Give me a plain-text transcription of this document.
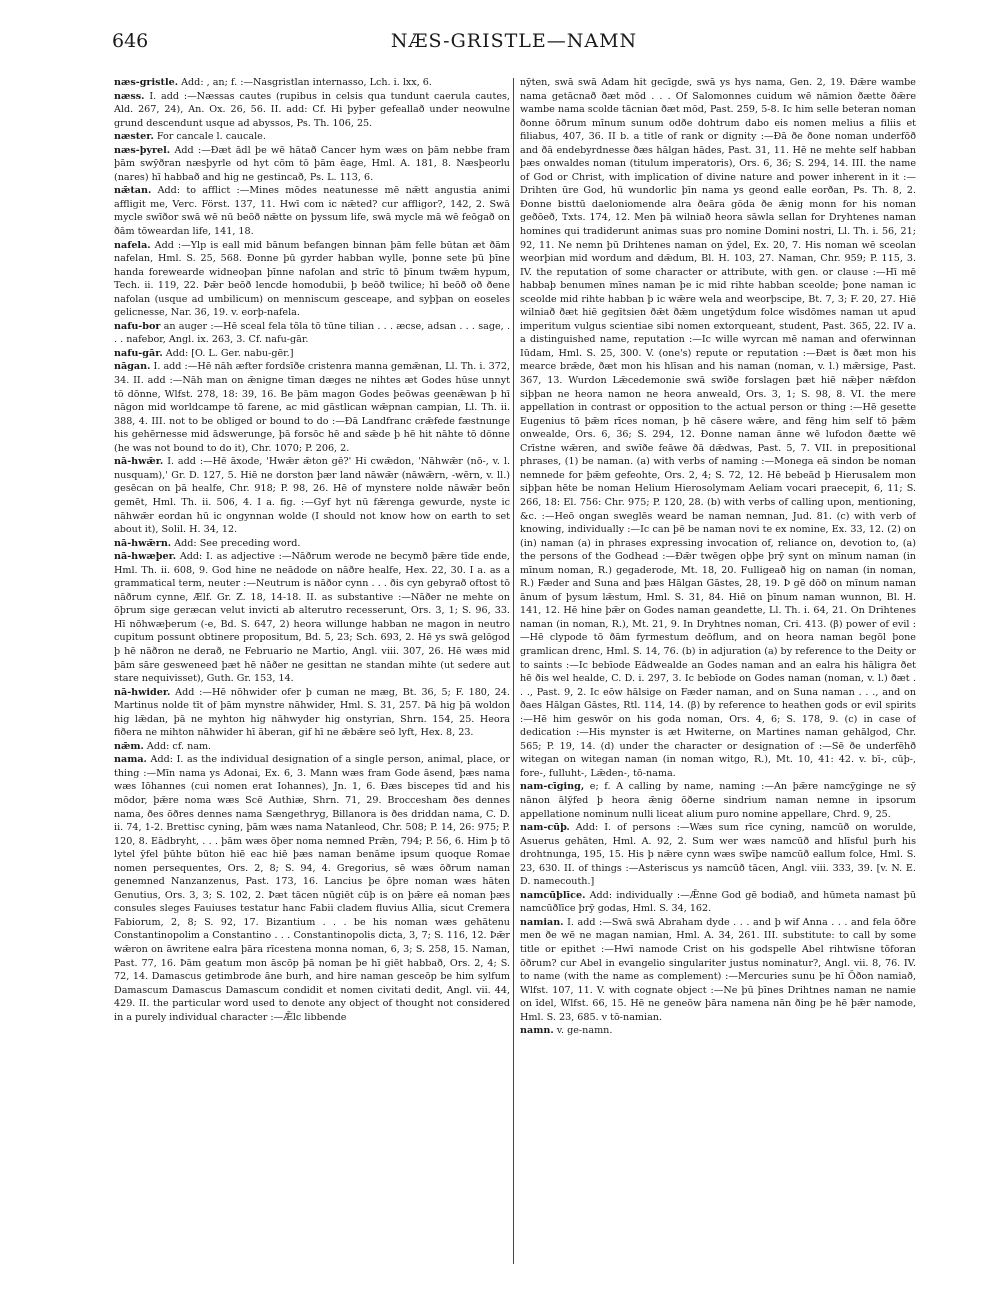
646	NÆS-GRISTLE—NAMN

næs-gristle. Add: , an; f. :—Nasgristlan internasso, Lch. i. lxx, 6.

næss. I. add :—Næssas cautes (rupibus in celsis qua tundunt caerula cautes, Ald. 267, 24), An. Ox. 26, 56. II. add: Cf. Hi þyþer gefeallað under neowulne grund descendunt usque ad abyssos, Ps. Th. 106, 25.

næster. For cancale l. caucale.

næs-þyrel. Add :—Ðæt ādl þe wē hātað Cancer hym wæs on þām nebbe fram þām swȳðran næsþyrle od hyt cōm tō þām ēage, Hml. A. 181, 8. Næsþeorlu (nares) hī habbað and hig ne gestincað, Ps. L. 113, 6.

nǣtan. Add: to afflict :—Mines mōdes neatunesse mē nǣtt angustia animi affligit me, Verc. Först. 137, 11. Hwī com ic nǣted? cur affligor?, 142, 2. Swā mycle swīðor swā wē nū beōð nǣtte on þyssum life, swā mycle mā wē feōgað on ðām tōweardan life, 141, 18.

nafela. Add :—Ylp is eall mid bānum befangen binnan þām felle būtan æt ðām nafelan, Hml. S. 25, 568. Ðonne þū gyrder habban wylle, þonne sete þū þīne handa forewearde widneoþan þīnne nafolan and strīc tō þīnum twǣm hypum, Tech. ii. 119, 22. Þǣr beōð lencde homodubii, þ beōð twilice; hī beōð oð ðene nafolan (usque ad umbilicum) on menniscum gesceape, and syþþan on eoseles gelicnesse, Nar. 36, 19. v. eorþ-nafela.

nafu-bor an auger :—Hē sceal fela tōla tō tūne tilian . . . æcse, adsan . . . sage, . . . nafebor, Angl. ix. 263, 3. Cf. nafu-gār.

nafu-gār. Add: [O. L. Ger. nabu-gēr.]

nāgan. I. add :—Hē nāh æfter fordsīðe cristenra manna gemǣnan, Ll. Th. i. 372, 34. II. add :—Nāh man on ǣnigne tīman dæges ne nihtes æt Godes hūse unnyt tō dōnne, Wlfst. 278, 18: 39, 16. Be þām magon Godes þeōwas geenǣwan þ hī nāgon mid worldcampe tō farene, ac mid gāstlican wǣpnan campian, Ll. Th. ii. 388, 4. III. not to be obliged or bound to do :—Ðā Landfranc crǣfede fæstnunge his gehērnesse mid ādswerunge, þā forsōc hē and sǣde þ hē hit nāhte tō dōnne (he was not bound to do it), Chr. 1070; P. 206, 2.

nā-hwǣr. I. add :—Hē āxode, 'Hwǣr ǣton gē?' Hi cwǣdon, 'Nāhwǣr (nō-, v. l. nusquam),' Gr. D. 127, 5. Hiē ne dorston þær land nāwǣr (nāwǣrn, -wērn, v. ll.) gesēcan on þā healfe, Chr. 918; P. 98, 26. Hē of mynstere nolde nāwǣr beōn gemēt, Hml. Th. ii. 506, 4. I a. fig. :—Gyf hyt nū fǣrenga gewurde, nyste ic nāhwǣr eordan hū ic ongynnan wolde (I should not know how on earth to set about it), Solil. H. 34, 12.

nā-hwǣrn. Add: See preceding word.

nā-hwæþer. Add: I. as adjective :—Nāðrum werode ne becymð þǣre tīde ende, Hml. Th. ii. 608, 9. God hine ne neādode on nāðre healfe, Hex. 22, 30. I a. as a grammatical term, neuter :—Neutrum is nāðor cynn . . . ðis cyn gebyrað oftost tō nāðrum cynne, Ælf. Gr. Z. 18, 14-18. II. as substantive :—Nāðer ne mehte on ōþrum sige geræcan velut invicti ab alterutro recesserunt, Ors. 3, 1; S. 96, 33. Hī nōhwæþerum (-e, Bd. S. 647, 2) heora willunge habban ne magon in neutro cupitum possunt obtinere propositum, Bd. 5, 23; Sch. 693, 2. Hē ys swā gelōgod þ hē nāðron ne derað, ne Februario ne Martio, Angl. viii. 307, 26. Hē wæs mid þām sāre gesweneed þæt hē nāðer ne gesittan ne standan mihte (ut sedere aut stare nequivisset), Guth. Gr. 153, 14.

nā-hwider. Add :—Hē nōhwider ofer þ cuman ne mæg, Bt. 36, 5; F. 180, 24. Martinus nolde tīt of þām mynstre nāhwider, Hml. S. 31, 257. Þā hig þā woldon hig lǣdan, þā ne myhton hig nāhwyder hig onstyrian, Shrn. 154, 25. Heora fiðera ne mihton nāhwider hī āberan, gif hī ne ǣbǣre seō lyft, Hex. 8, 23.

nǣm. Add: cf. nam.

nama. Add: I. as the individual designation of a single person, animal, place, or thing :—Mīn nama ys Adonai, Ex. 6, 3. Mann wæs fram Gode āsend, þæs nama wæs Iōhannes (cui nomen erat Iohannes), Jn. 1, 6. Ðæs biscepes tīd and his mōdor, þǣre noma wæs Scē Authiæ, Shrn. 71, 29. Broccesham ðes dennes nama, ðes ōðres dennes nama Sængethryg, Billanora is ðes driddan nama, C. D. ii. 74, 1-2. Brettisc cyning, þām wæs nama Natanleod, Chr. 508; P. 14, 26: 975; P. 120, 8. Eādbryht, . . . þām wæs ōþer noma nemned Prǣn, 794; P. 56, 6. Him þ tō lytel ȳfel þūhte būton hiē eac hiē þæs naman benāme ipsum quoque Romae nomen persequentes, Ors. 2, 8; S. 94, 4. Gregorius, sē wæs ōðrum naman genemned Nanzanzenus, Past. 173, 16. Lancius þe ōþre noman wæs hāten Genutius, Ors. 3, 3; S. 102, 2. Þæt tācen nūgiēt cūþ is on þǣre eā noman þæs consules sleges Fauiuses testatur hanc Fabii cladem fluvius Allia, sicut Cremera Fabiorum, 2, 8; S. 92, 17. Bizantium . . . be his noman wæs gehātenu Constantinopolim a Constantino . . . Constantinopolis dicta, 3, 7; S. 116, 12. Þǣr wǣron on āwritene ealra þāra rīcestena monna noman, 6, 3; S. 258, 15. Naman, Past. 77, 16. Þām geatum mon āscōp þā noman þe hī giēt habbað, Ors. 2, 4; S. 72, 14. Damascus getimbrode āne burh, and hire naman gesceōp be him sylfum Damascum Damascus Damascum condidit et nomen civitati dedit, Angl. vii. 44, 429. II. the particular word used to denote any object of thought not considered in a purely individual character :—Ǣlc libbende

nȳten, swā swā Adam hit gecīgde, swā ys hys nama, Gen. 2, 19. Ðǣre wambe nama getācnað ðæt mōd . . . Of Salomonnes cuidum wē nāmion ðætte ðǣre wambe nama scolde tācnian ðæt mōd, Past. 259, 5-8. Ic him selle beteran noman ðonne ōðrum mīnum sunum odðe dohtrum dabo eis nomen melius a filiis et filiabus, 407, 36. II b. a title of rank or dignity :—Ðā ðe ðone noman underfōð and ðā endebyrdnesse ðæs hālgan hādes, Past. 31, 11. Hē ne mehte self habban þæs onwaldes noman (titulum imperatoris), Ors. 6, 36; S. 294, 14. III. the name of God or Christ, with implication of divine nature and power inherent in it :—Drihten ūre God, hū wundorlic þīn nama ys geond ealle eorðan, Ps. Th. 8, 2. Ðonne bisttū daeloniomende alra ðeāra gōda ðe ǣnig monn for his noman geðōeð, Txts. 174, 12. Men þā wilniað heora sāwla sellan for Dryhtenes naman homines qui tradiderunt animas suas pro nomine Domini nostri, Ll. Th. i. 56, 21; 92, 11. Ne nemn þū Drihtenes naman on ȳdel, Ex. 20, 7. His noman wē sceolan weorþian mid wordum and dǣdum, Bl. H. 103, 27. Naman, Chr. 959; P. 115, 3. IV. the reputation of some character or attribute, with gen. or clause :—Hī mē habbaþ benumen mīnes naman þe ic mid rihte habban sceolde; þone naman ic sceolde mid rihte habban þ ic wǣre wela and weorþscipe, Bt. 7, 3; F. 20, 27. Hiē wilniað ðæt hiē gegītsien ðǣt ðǣm ungetȳdum folce wīsdōmes naman ut apud imperitum vulgus scientiae sibi nomen extorqueant, student, Past. 365, 22. IV a. a distinguished name, reputation :—Ic wille wyrcan mē naman and oferwinnan Iūdam, Hml. S. 25, 300. V. (one's) repute or reputation :—Ðæt is ðæt mon his mearce brǣde, ðæt mon his hlīsan and his naman (noman, v. l.) mǣrsige, Past. 367, 13. Wurdon Lǣcedemonie swā swīðe forslagen þæt hiē nǣþer nǣfdon siþþan ne heora namon ne heora anweald, Ors. 3, 1; S. 98, 8. VI. the mere appellation in contrast or opposition to the actual person or thing :—Hē gesette Eugenius tō þǣm rīces noman, þ hē cāsere wǣre, and fēng him self tō þǣm onwealde, Ors. 6, 36; S. 294, 12. Ðonne naman ānne wē lufodon ðætte wē Crīstne wǣren, and swīðe feāwe ðā dǣdwas, Past. 5, 7. VII. in prepositional phrases, (1) be naman. (a) with verbs of naming :—Monega eā sindon be noman nemnede for þǣm gefeohte, Ors. 2, 4; S. 72, 12. Hē bebeād þ Hierusalem mon siþþan hēte be noman Helium Hierosolymam Aeliam vocari praecepit, 6, 11; S. 266, 18: El. 756: Chr. 975; P. 120, 28. (b) with verbs of calling upon, mentioning, &c. :—Heō ongan sweglēs weard be naman nemnan, Jud. 81. (c) with verb of knowing, individually :—Ic can þē be naman novi te ex nomine, Ex. 33, 12. (2) on (in) naman (a) in phrases expressing invocation of, reliance on, devotion to, (a) the persons of the Godhead :—Ðǣr twēgen oþþe þrȳ synt on mīnum naman (in mīnum noman, R.) gegaderode, Mt. 18, 20. Fulligeað hig on naman (in noman, R.) Fæder and Suna and þæs Hālgan Gāstes, 28, 19. Þ gē dōð on mīnum naman ānum of þysum lǣstum, Hml. S. 31, 84. Hiē on þīnum naman wunnon, Bl. H. 141, 12. Hē hine þǣr on Godes naman geandette, Ll. Th. i. 64, 21. On Drihtenes naman (in noman, R.), Mt. 21, 9. In Dryhtnes noman, Cri. 413. (β) power of evil :—Hē clypode tō ðām fyrmestum deōflum, and on heora naman begōl þone gramlican drenc, Hml. S. 14, 76. (b) in adjuration (a) by reference to the Deity or to saints :—Ic bebīode Eādwealde an Godes naman and an ealra his hāligra ðet hē ðis wel healde, C. D. i. 297, 3. Ic bebīode on Godes naman (noman, v. l.) ðæt . . ., Past. 9, 2. Ic eōw hālsige on Fæder naman, and on Suna naman . . ., and on ðaes Hālgan Gāstes, Rtl. 114, 14. (β) by reference to heathen gods or evil spirits :—Hē him geswōr on his goda noman, Ors. 4, 6; S. 178, 9. (c) in case of dedication :—His mynster is æt Hwiterne, on Martines naman gehālgod, Chr. 565; P. 19, 14. (d) under the character or designation of :—Sē ðe underfēhð witegan on witegan naman (in noman witgo, R.), Mt. 10, 41: 42. v. bī-, cūþ-, fore-, fulluht-, Lǣden-, tō-nama.

nam-cīging, e; f. A calling by name, naming :—An þǣre namcȳginge ne sȳ nānon ālȳfed þ heora ǣnig ōðerne sindrium naman nemne in ipsorum appellatione nominum nulli liceat alium puro nomine appellare, Chrd. 9, 25.

nam-cūþ. Add: I. of persons :—Wæs sum rīce cyning, namcūð on worulde, Asuerus gehāten, Hml. A. 92, 2. Sum wer wæs namcūð and hlīsful þurh his drohtnunga, 195, 15. His þ nǣre cynn wæs swīþe namcūð eallum folce, Hml. S. 23, 630. II. of things :—Asteriscus ys namcūð tācen, Angl. viii. 333, 39. [v. N. E. D. namecouth.]

namcūþlīce. Add: individually :—Ǣnne God gē bodiað, and hūmeta namast þū namcūðlīce þrȳ godas, Hml. S. 34, 162.

namian. I. add :—Swā swā Abraham dyde . . . and þ wif Anna . . . and fela ōðre men ðe wē ne magan namian, Hml. A. 34, 261. III. substitute: to call by some title or epithet :—Hwī namode Crist on his godspelle Abel rihtwīsne tōforan ōðrum? cur Abel in evangelio singulariter justus nominatur?, Angl. vii. 8, 76. IV. to name (with the name as complement) :—Mercuries sunu þe hī Ōðon namiað, Wlfst. 107, 11. V. with cognate object :—Ne þū þīnes Drihtnes naman ne namie on īdel, Wlfst. 66, 15. Hē ne geneōw þāra namena nān ðing þe hē þǣr namode, Hml. S. 23, 685. v tō-namian.

namn. v. ge-namn.
